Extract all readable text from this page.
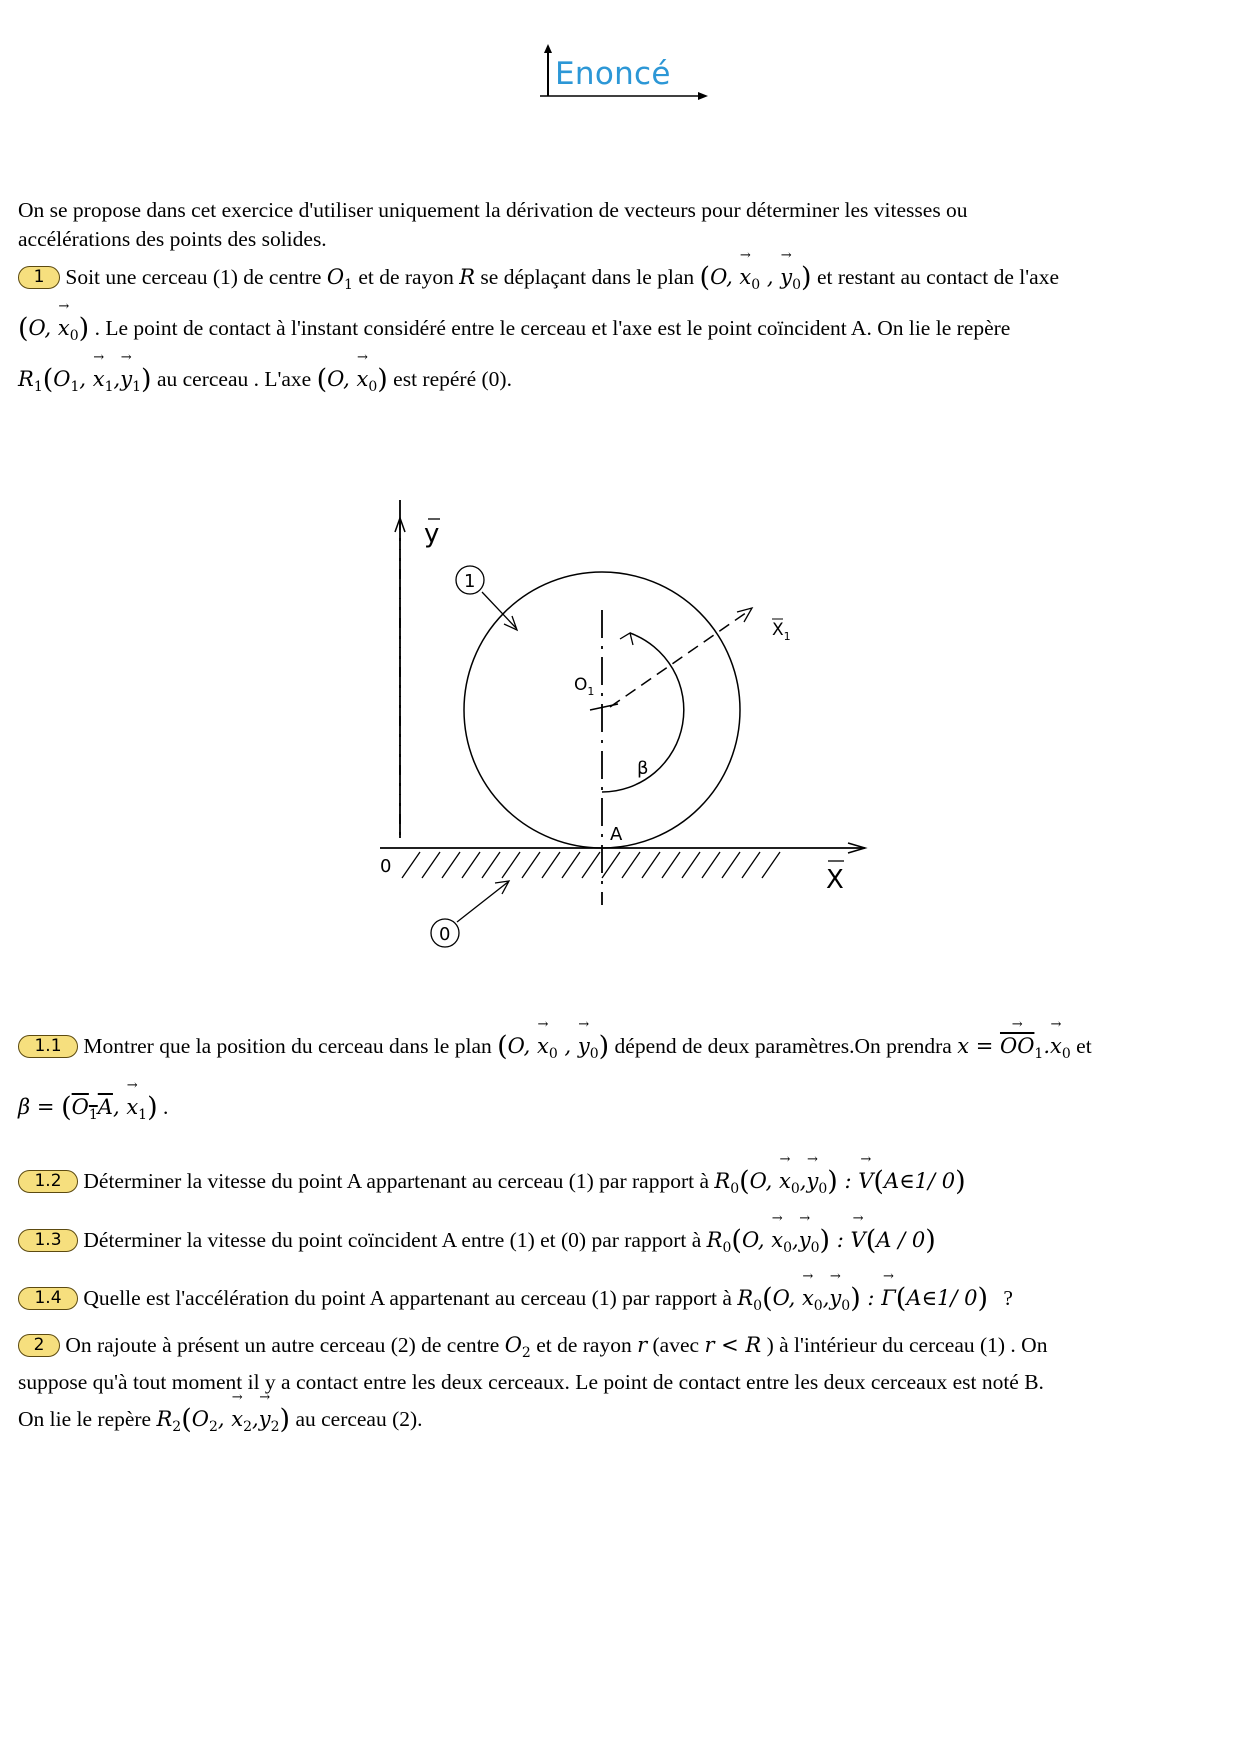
Enoncé
On se propose dans cet exercice d'utiliser uniquement la dérivation de vecteurs pour déterminer les vitesses ou
accélérations des points des solides.
1 Soit une cerceau (1) de centre $O_1$ et de rayon R se déplaçant dans le plan (O, → $x_0$ , → $y_0$) et restant au contact de l'axe
(O, → $x_0$) . Le point de contact à l'instant considéré entre le cerceau et l'axe est le point coïncident A. On lie le repère
$R_1(O_1$, → $x_1,\to y_1$) au cerceau . L'axe (O, → $x_0$) est repéré (0).
y
X
0
$O_1$
$X_1$
β
A
1
0
1.1 Montrer que la position du cerceau dans le plan (O, → $x_0$ , → $y_0$) dépend de deux paramètres.On prendra x = → $\overline{OO}_1.\to x_0$ et
$\beta = (O_1A$, → $x_1$) .
1.2 Déterminer la vitesse du point A appartenant au cerceau (1) par rapport à $R_0(O$, → $x_0,\to y_0$) : → V(A∈1/ 0)
1.3 Déterminer la vitesse du point coïncident A entre (1) et (0) par rapport à $R_0(O$, → $x_0,\to y_0$) : → V(A / 0)
1.4 Quelle est l'accélération du point A appartenant au cerceau (1) par rapport à $R_0(O$, → $x_0,\to y_0$) : → Γ(A∈1/ 0) ?
2 On rajoute à présent un autre cerceau (2) de centre $O_2$ et de rayon r (avec r < R ) à l'intérieur du cerceau (1) . On
suppose qu'à tout moment il y a contact entre les deux cerceaux. Le point de contact entre les deux cerceaux est noté B.
On lie le repère $R_2(O_2$, → $x_2,\to y_2$) au cerceau (2).
